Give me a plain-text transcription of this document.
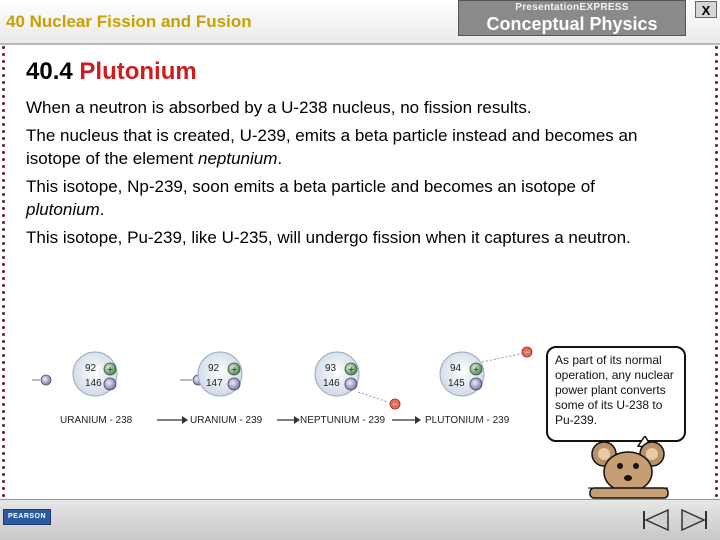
40 Nuclear Fission and Fusion
PresentationEXPRESS
Conceptual Physics
X
40.4 Plutonium

When a neutron is absorbed by a U-238 nucleus, no fission results.

The nucleus that is created, U-239, emits a beta particle instead and becomes an isotope of the element neptunium.

This isotope, Np-239, soon emits a beta particle and becomes an isotope of plutonium.

This isotope, Pu-239, like U-235, will undergo fission when it captures a neutron.

92
146
+
URANIUM - 238
92
147
+
URANIUM - 239
93
146
+
NEPTUNIUM - 239
−
94
145
+
PLUTONIUM - 239
−
As part of its normal operation, any nuclear power plant converts some of its U-238 to Pu-239.
PEARSON
